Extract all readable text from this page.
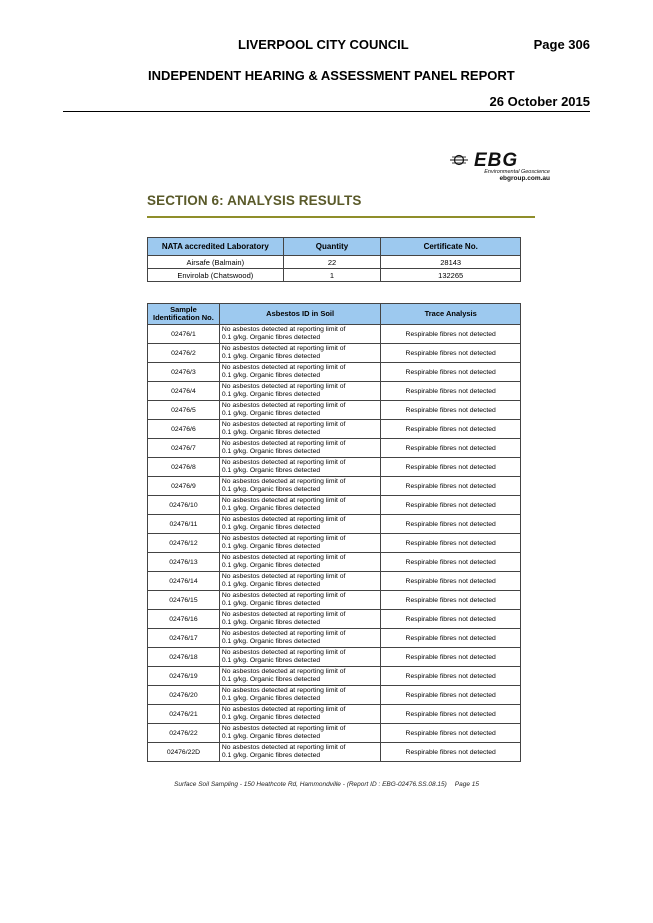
LIVERPOOL CITY COUNCIL	Page 306
INDEPENDENT HEARING & ASSESSMENT PANEL REPORT
26 October 2015
EBG
Environmental Geoscience
ebgroup.com.au
SECTION 6: ANALYSIS RESULTS
NATA accredited Laboratory	Quantity	Certificate No.
Airsafe (Balmain)	22	28143
Envirolab (Chatswood)	1	132265
Sample
Identification No.	Asbestos ID in Soil	Trace Analysis
02476/1	No asbestos detected at reporting limit of
0.1 g/kg. Organic fibres detected	Respirable fibres not detected
02476/2	No asbestos detected at reporting limit of
0.1 g/kg. Organic fibres detected	Respirable fibres not detected
02476/3	No asbestos detected at reporting limit of
0.1 g/kg. Organic fibres detected	Respirable fibres not detected
02476/4	No asbestos detected at reporting limit of
0.1 g/kg. Organic fibres detected	Respirable fibres not detected
02476/5	No asbestos detected at reporting limit of
0.1 g/kg. Organic fibres detected	Respirable fibres not detected
02476/6	No asbestos detected at reporting limit of
0.1 g/kg. Organic fibres detected	Respirable fibres not detected
02476/7	No asbestos detected at reporting limit of
0.1 g/kg. Organic fibres detected	Respirable fibres not detected
02476/8	No asbestos detected at reporting limit of
0.1 g/kg. Organic fibres detected	Respirable fibres not detected
02476/9	No asbestos detected at reporting limit of
0.1 g/kg. Organic fibres detected	Respirable fibres not detected
02476/10	No asbestos detected at reporting limit of
0.1 g/kg. Organic fibres detected	Respirable fibres not detected
02476/11	No asbestos detected at reporting limit of
0.1 g/kg. Organic fibres detected	Respirable fibres not detected
02476/12	No asbestos detected at reporting limit of
0.1 g/kg. Organic fibres detected	Respirable fibres not detected
02476/13	No asbestos detected at reporting limit of
0.1 g/kg. Organic fibres detected	Respirable fibres not detected
02476/14	No asbestos detected at reporting limit of
0.1 g/kg. Organic fibres detected	Respirable fibres not detected
02476/15	No asbestos detected at reporting limit of
0.1 g/kg. Organic fibres detected	Respirable fibres not detected
02476/16	No asbestos detected at reporting limit of
0.1 g/kg. Organic fibres detected	Respirable fibres not detected
02476/17	No asbestos detected at reporting limit of
0.1 g/kg. Organic fibres detected	Respirable fibres not detected
02476/18	No asbestos detected at reporting limit of
0.1 g/kg. Organic fibres detected	Respirable fibres not detected
02476/19	No asbestos detected at reporting limit of
0.1 g/kg. Organic fibres detected	Respirable fibres not detected
02476/20	No asbestos detected at reporting limit of
0.1 g/kg. Organic fibres detected	Respirable fibres not detected
02476/21	No asbestos detected at reporting limit of
0.1 g/kg. Organic fibres detected	Respirable fibres not detected
02476/22	No asbestos detected at reporting limit of
0.1 g/kg. Organic fibres detected	Respirable fibres not detected
02476/22D	No asbestos detected at reporting limit of
0.1 g/kg. Organic fibres detected	Respirable fibres not detected
Surface Soil Sampling - 150 Heathcote Rd, Hammondville - (Report ID : EBG-02476.SS.08.15) Page 15
